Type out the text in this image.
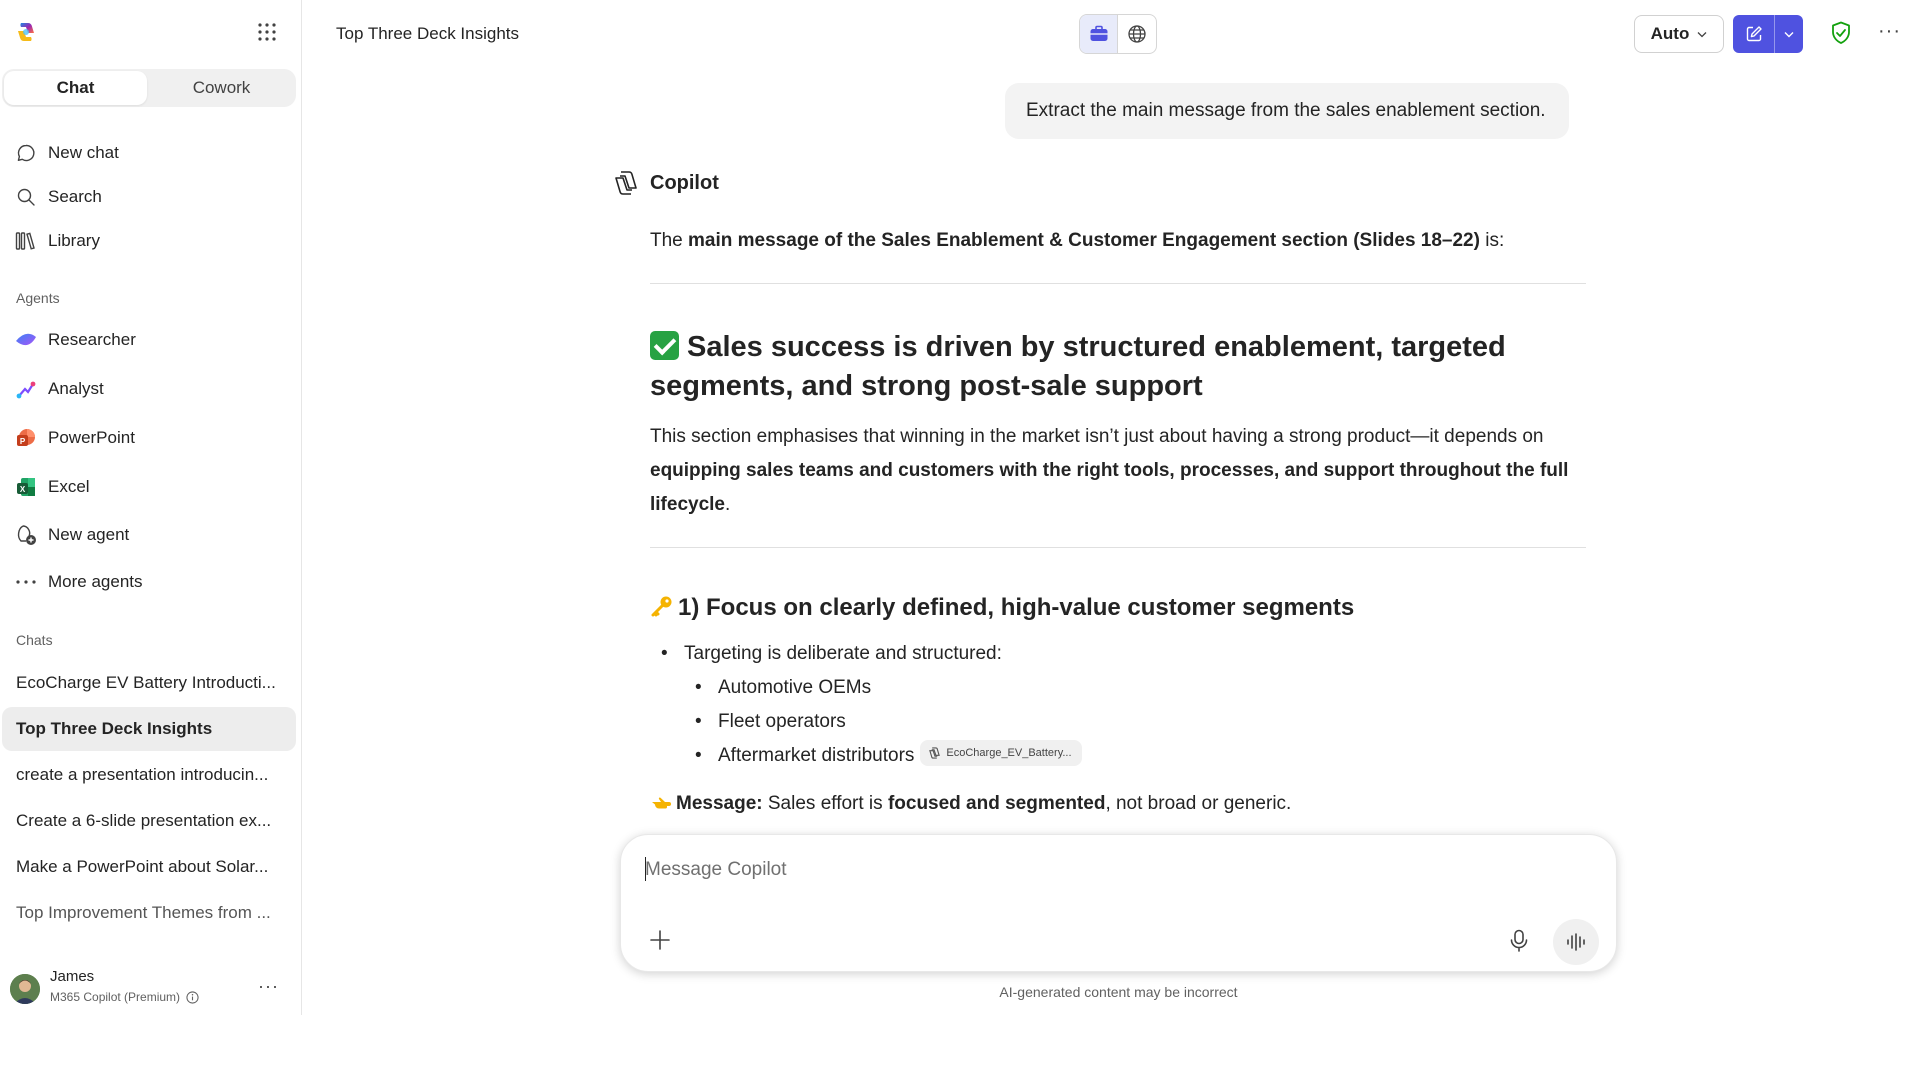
Chat	Cowork
New chat
Search
Library
Agents
Researcher
Analyst
P PowerPoint
X Excel
New agent
More agents
Chats
EcoCharge EV Battery Introducti...
Top Three Deck Insights
create a presentation introducin...
Create a 6-slide presentation ex...
Make a PowerPoint about Solar...
Top Improvement Themes from ...
James
M365 Copilot (Premium)
···
Top Three Deck Insights	Auto	···
Extract the main message from the sales enablement section.
Copilot

The main message of the Sales Enablement & Customer Engagement section (Slides 18–22) is:

Sales success is driven by structured enablement, targeted segments, and strong post-sale support

This section emphasises that winning in the market isn’t just about having a strong product—it depends on equipping sales teams and customers with the right tools, processes, and support throughout the full lifecycle.

1) Focus on clearly defined, high-value customer segments
• Targeting is deliberate and structured:
• Automotive OEMs
• Fleet operators
• Aftermarket distributors	EcoCharge_EV_Battery...

Message: Sales effort is focused and segmented, not broad or generic.

Message Copilot
AI-generated content may be incorrect
